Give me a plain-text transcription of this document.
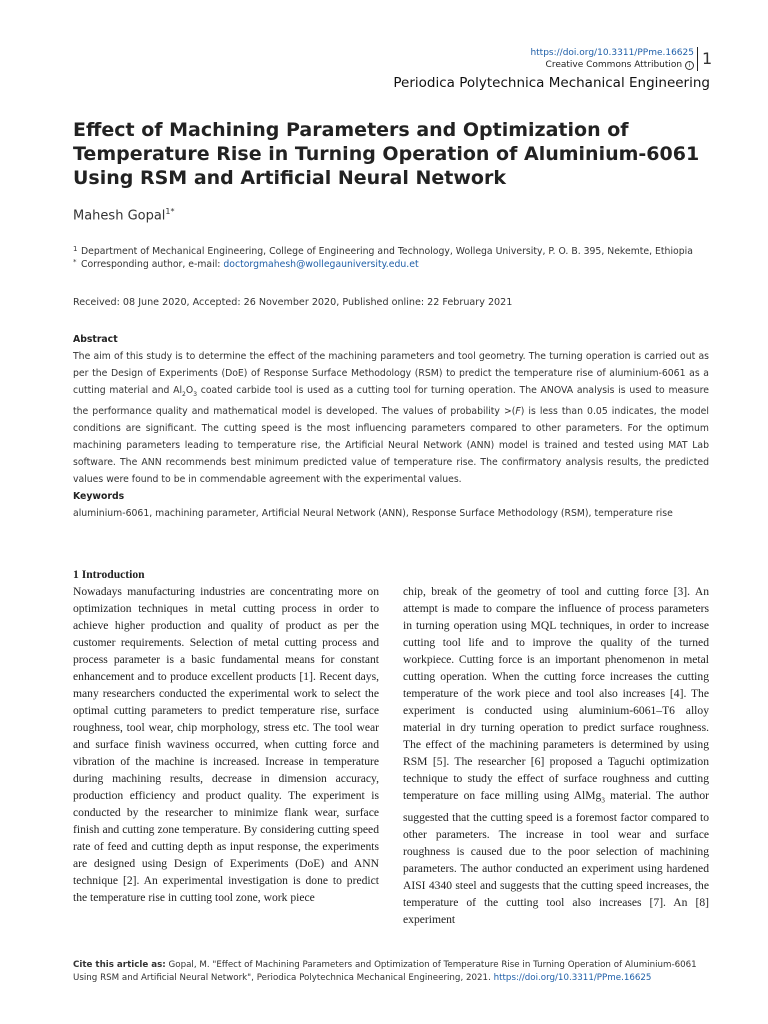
https://doi.org/10.3311/PPme.16625
Creative Commons Attribution i 1
Periodica Polytechnica Mechanical Engineering
Effect of Machining Parameters and Optimization of Temperature Rise in Turning Operation of Aluminium-6061 Using RSM and Artificial Neural Network
Mahesh Gopal$^{1*}$
1 Department of Mechanical Engineering, College of Engineering and Technology, Wollega University, P. O. B. 395, Nekemte, Ethiopia
* Corresponding author, e-mail: doctorgmahesh@wollegauniversity.edu.et
Received: 08 June 2020, Accepted: 26 November 2020, Published online: 22 February 2021
Abstract
The aim of this study is to determine the effect of the machining parameters and tool geometry. The turning operation is carried out as per the Design of Experiments (DoE) of Response Surface Methodology (RSM) to predict the temperature rise of aluminium-6061 as a cutting material and $Al_2O_3$ coated carbide tool is used as a cutting tool for turning operation. The ANOVA analysis is used to measure the performance quality and mathematical model is developed. The values of probability >(F) is less than 0.05 indicates, the model conditions are significant. The cutting speed is the most influencing parameters compared to other parameters. For the optimum machining parameters leading to temperature rise, the Artificial Neural Network (ANN) model is trained and tested using MAT Lab software. The ANN recommends best minimum predicted value of temperature rise. The confirmatory analysis results, the predicted values were found to be in commendable agreement with the experimental values.
Keywords
aluminium-6061, machining parameter, Artificial Neural Network (ANN), Response Surface Methodology (RSM), temperature rise
1 Introduction

Nowadays manufacturing industries are concentrating more on optimization techniques in metal cutting process in order to achieve higher production and quality of product as per the customer requirements. Selection of metal cutting process and process parameter is a basic fundamental means for constant enhancement and to produce excellent products [1]. Recent days, many researchers conducted the experimental work to select the optimal cutting parameters to predict temperature rise, surface roughness, tool wear, chip morphology, stress etc. The tool wear and surface finish waviness occurred, when cutting force and vibration of the machine is increased. Increase in temperature during machining results, decrease in dimension accuracy, production efficiency and product quality. The experiment is conducted by the researcher to minimize flank wear, surface finish and cutting zone temperature. By considering cutting speed rate of feed and cutting depth as input response, the experiments are designed using Design of Experiments (DoE) and ANN technique [2]. An experimental investigation is done to predict the temperature rise in cutting tool zone, work piece

chip, break of the geometry of tool and cutting force [3]. An attempt is made to compare the influence of process parameters in turning operation using MQL techniques, in order to increase cutting tool life and to improve the quality of the turned workpiece. Cutting force is an important phenomenon in metal cutting operation. When the cutting force increases the cutting temperature of the work piece and tool also increases [4]. The experiment is conducted using aluminium-6061–T6 alloy material in dry turning operation to predict surface roughness. The effect of the machining parameters is determined by using RSM [5]. The researcher [6] proposed a Taguchi optimization technique to study the effect of surface roughness and cutting temperature on face milling using AlMg$_3$ material. The author suggested that the cutting speed is a foremost factor compared to other parameters. The increase in tool wear and surface roughness is caused due to the poor selection of machining parameters. The author conducted an experiment using hardened AISI 4340 steel and suggests that the cutting speed increases, the temperature of the cutting tool also increases [7]. An [8] experiment

Cite this article as: Gopal, M. "Effect of Machining Parameters and Optimization of Temperature Rise in Turning Operation of Aluminium-6061 Using RSM and Artificial Neural Network", Periodica Polytechnica Mechanical Engineering, 2021. https://doi.org/10.3311/PPme.16625
